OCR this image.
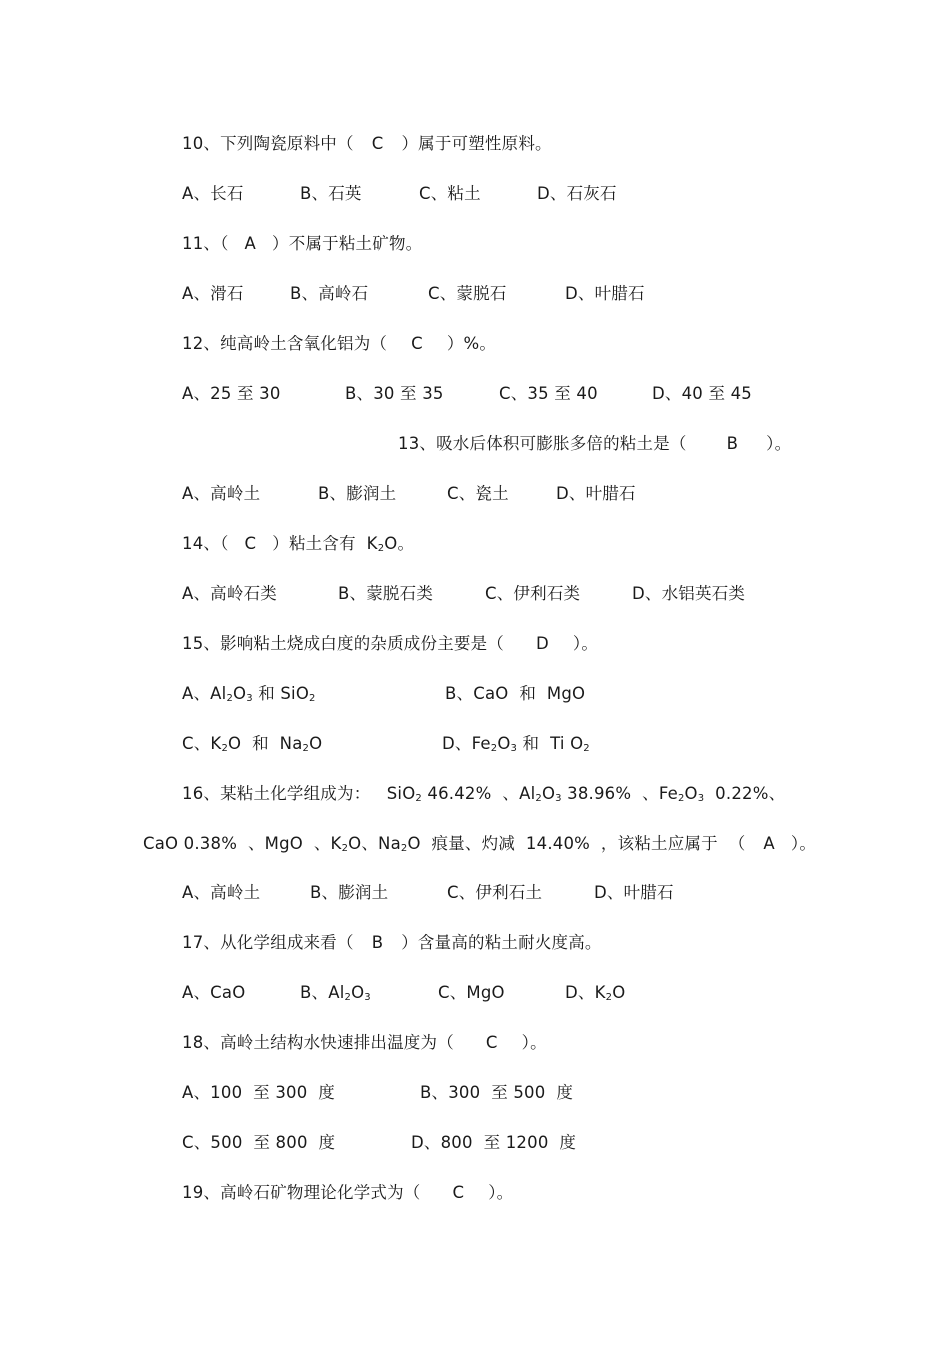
10、下列陶瓷原料中（ C ）属于可塑性原料。

A、长石

	B、石英

	C、粘土

	D、石灰石

11、（ A ）不属于粘土矿物。

A、滑石

	B、高岭石

	C、蒙脱石

	D、叶腊石

12、纯高岭土含氧化铝为（ C ）%。

A、25 至 30

	B、30 至 35

	C、35 至 40

	D、40 至 45

13、吸水后体积可膨胀多倍的粘土是（ B ）。

A、高岭土

	B、膨润土

	C、瓷土

	D、叶腊石

14、（ C ）粘土含有  $K_2O$。

A、高岭石类

	B、蒙脱石类

	C、伊利石类

	D、水铝英石类

15、影响粘土烧成白度的杂质成份主要是（ D ）。

A、$Al_2O_3$ 和 SiO$_2$

	B、CaO  和  MgO

C、$K_2O$  和  $Na_2O$

	D、$Fe_2O_3$ 和  Ti $O_2$

16、某粘土化学组成为：   SiO$_2$ 46.42%  、$Al_2O_3$ 38.96%  、$Fe_2O_3$  0.22%、
CaO 0.38%  、MgO  、$K_2O$、$Na_2O$  痕量、灼减  14.40%  ，该粘土应属于  （ A ）。

A、高岭土

	B、膨润土

	C、伊利石土

	D、叶腊石

17、从化学组成来看（ B ）含量高的粘土耐火度高。

A、CaO

	B、$Al_2O_3$

	C、MgO

	D、$K_2O$

18、高岭土结构水快速排出温度为（ C ）。

A、100  至 300  度

	B、300  至 500  度

C、500  至 800  度

	D、800  至 1200  度

19、高岭石矿物理论化学式为（ C ）。
